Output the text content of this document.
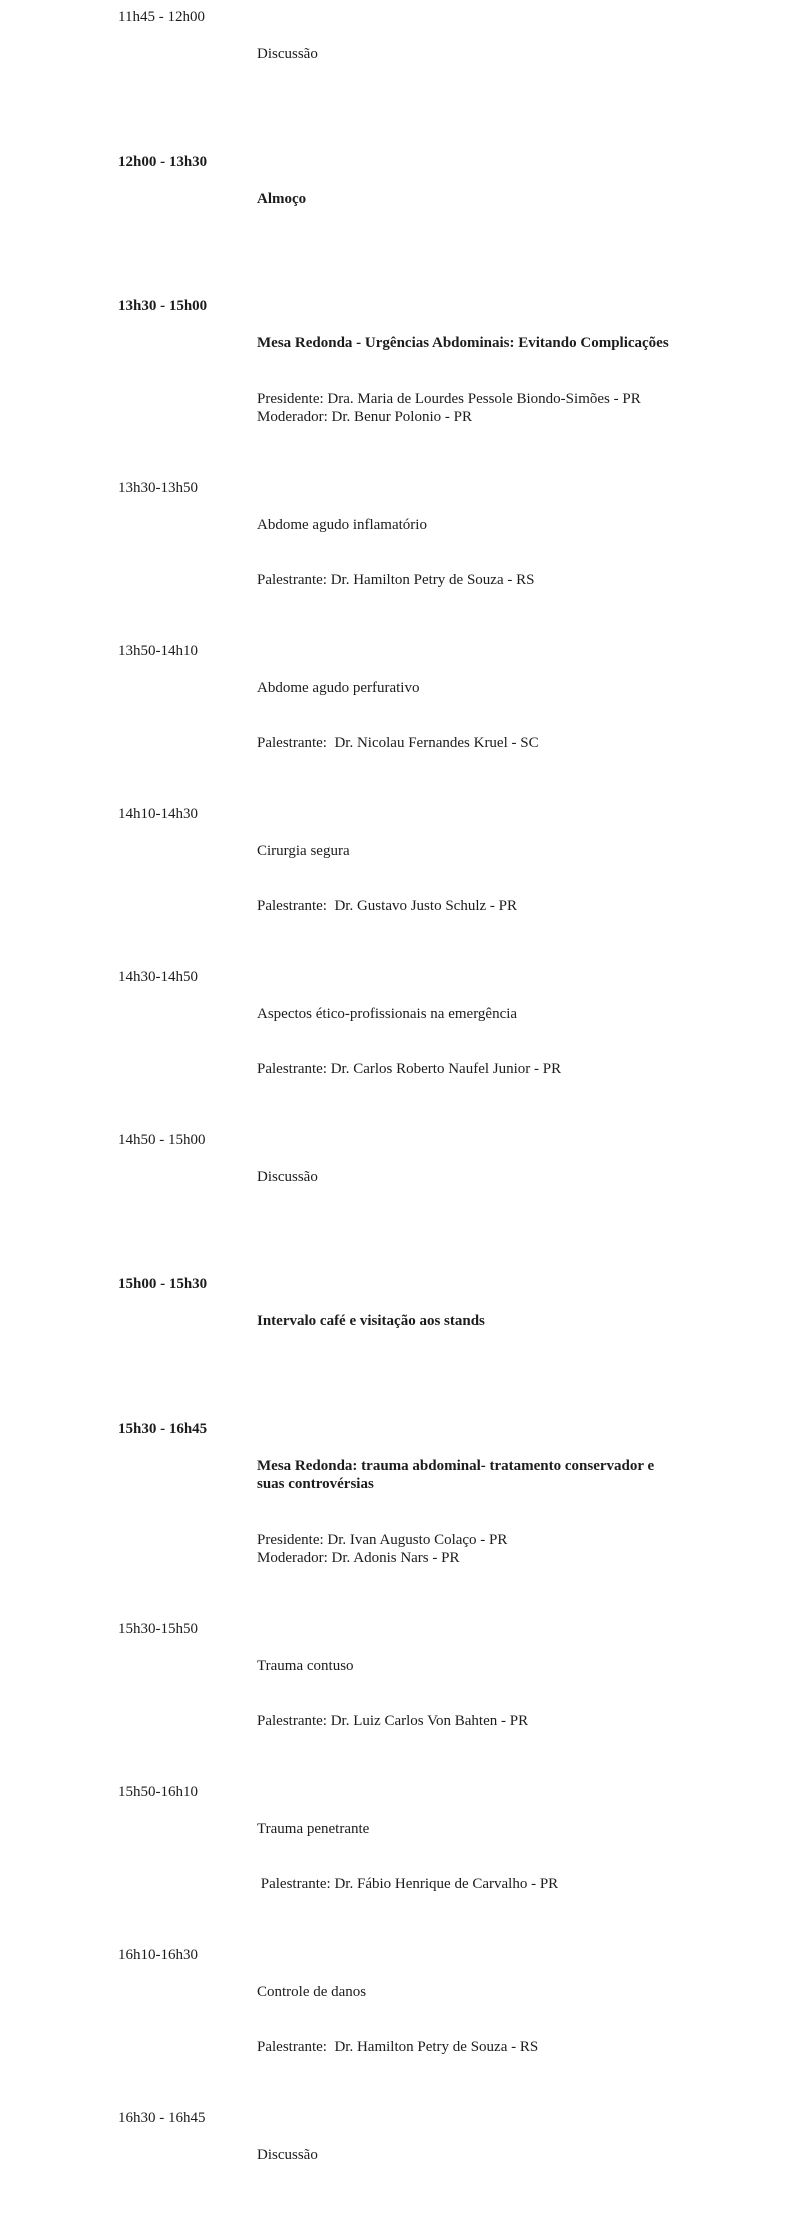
11h45 - 12h00

Discussão

12h00 - 13h30

Almoço

13h30 - 15h00

Mesa Redonda - Urgências Abdominais: Evitando Complicações

Presidente: Dra. Maria de Lourdes Pessole Biondo-Simões - PR
Moderador: Dr. Benur Polonio - PR

13h30-13h50

Abdome agudo inflamatório

Palestrante: Dr. Hamilton Petry de Souza - RS

13h50-14h10

Abdome agudo perfurativo

Palestrante:  Dr. Nicolau Fernandes Kruel - SC

14h10-14h30

Cirurgia segura

Palestrante:  Dr. Gustavo Justo Schulz - PR

14h30-14h50

Aspectos ético-profissionais na emergência

Palestrante: Dr. Carlos Roberto Naufel Junior - PR

14h50 - 15h00

Discussão

15h00 - 15h30

Intervalo café e visitação aos stands

15h30 - 16h45

Mesa Redonda: trauma abdominal- tratamento conservador e suas controvérsias

Presidente: Dr. Ivan Augusto Colaço - PR
Moderador: Dr. Adonis Nars - PR

15h30-15h50

Trauma contuso

Palestrante: Dr. Luiz Carlos Von Bahten - PR

15h50-16h10

Trauma penetrante

Palestrante: Dr. Fábio Henrique de Carvalho - PR

16h10-16h30

Controle de danos

Palestrante:  Dr. Hamilton Petry de Souza - RS

16h30 - 16h45

Discussão
